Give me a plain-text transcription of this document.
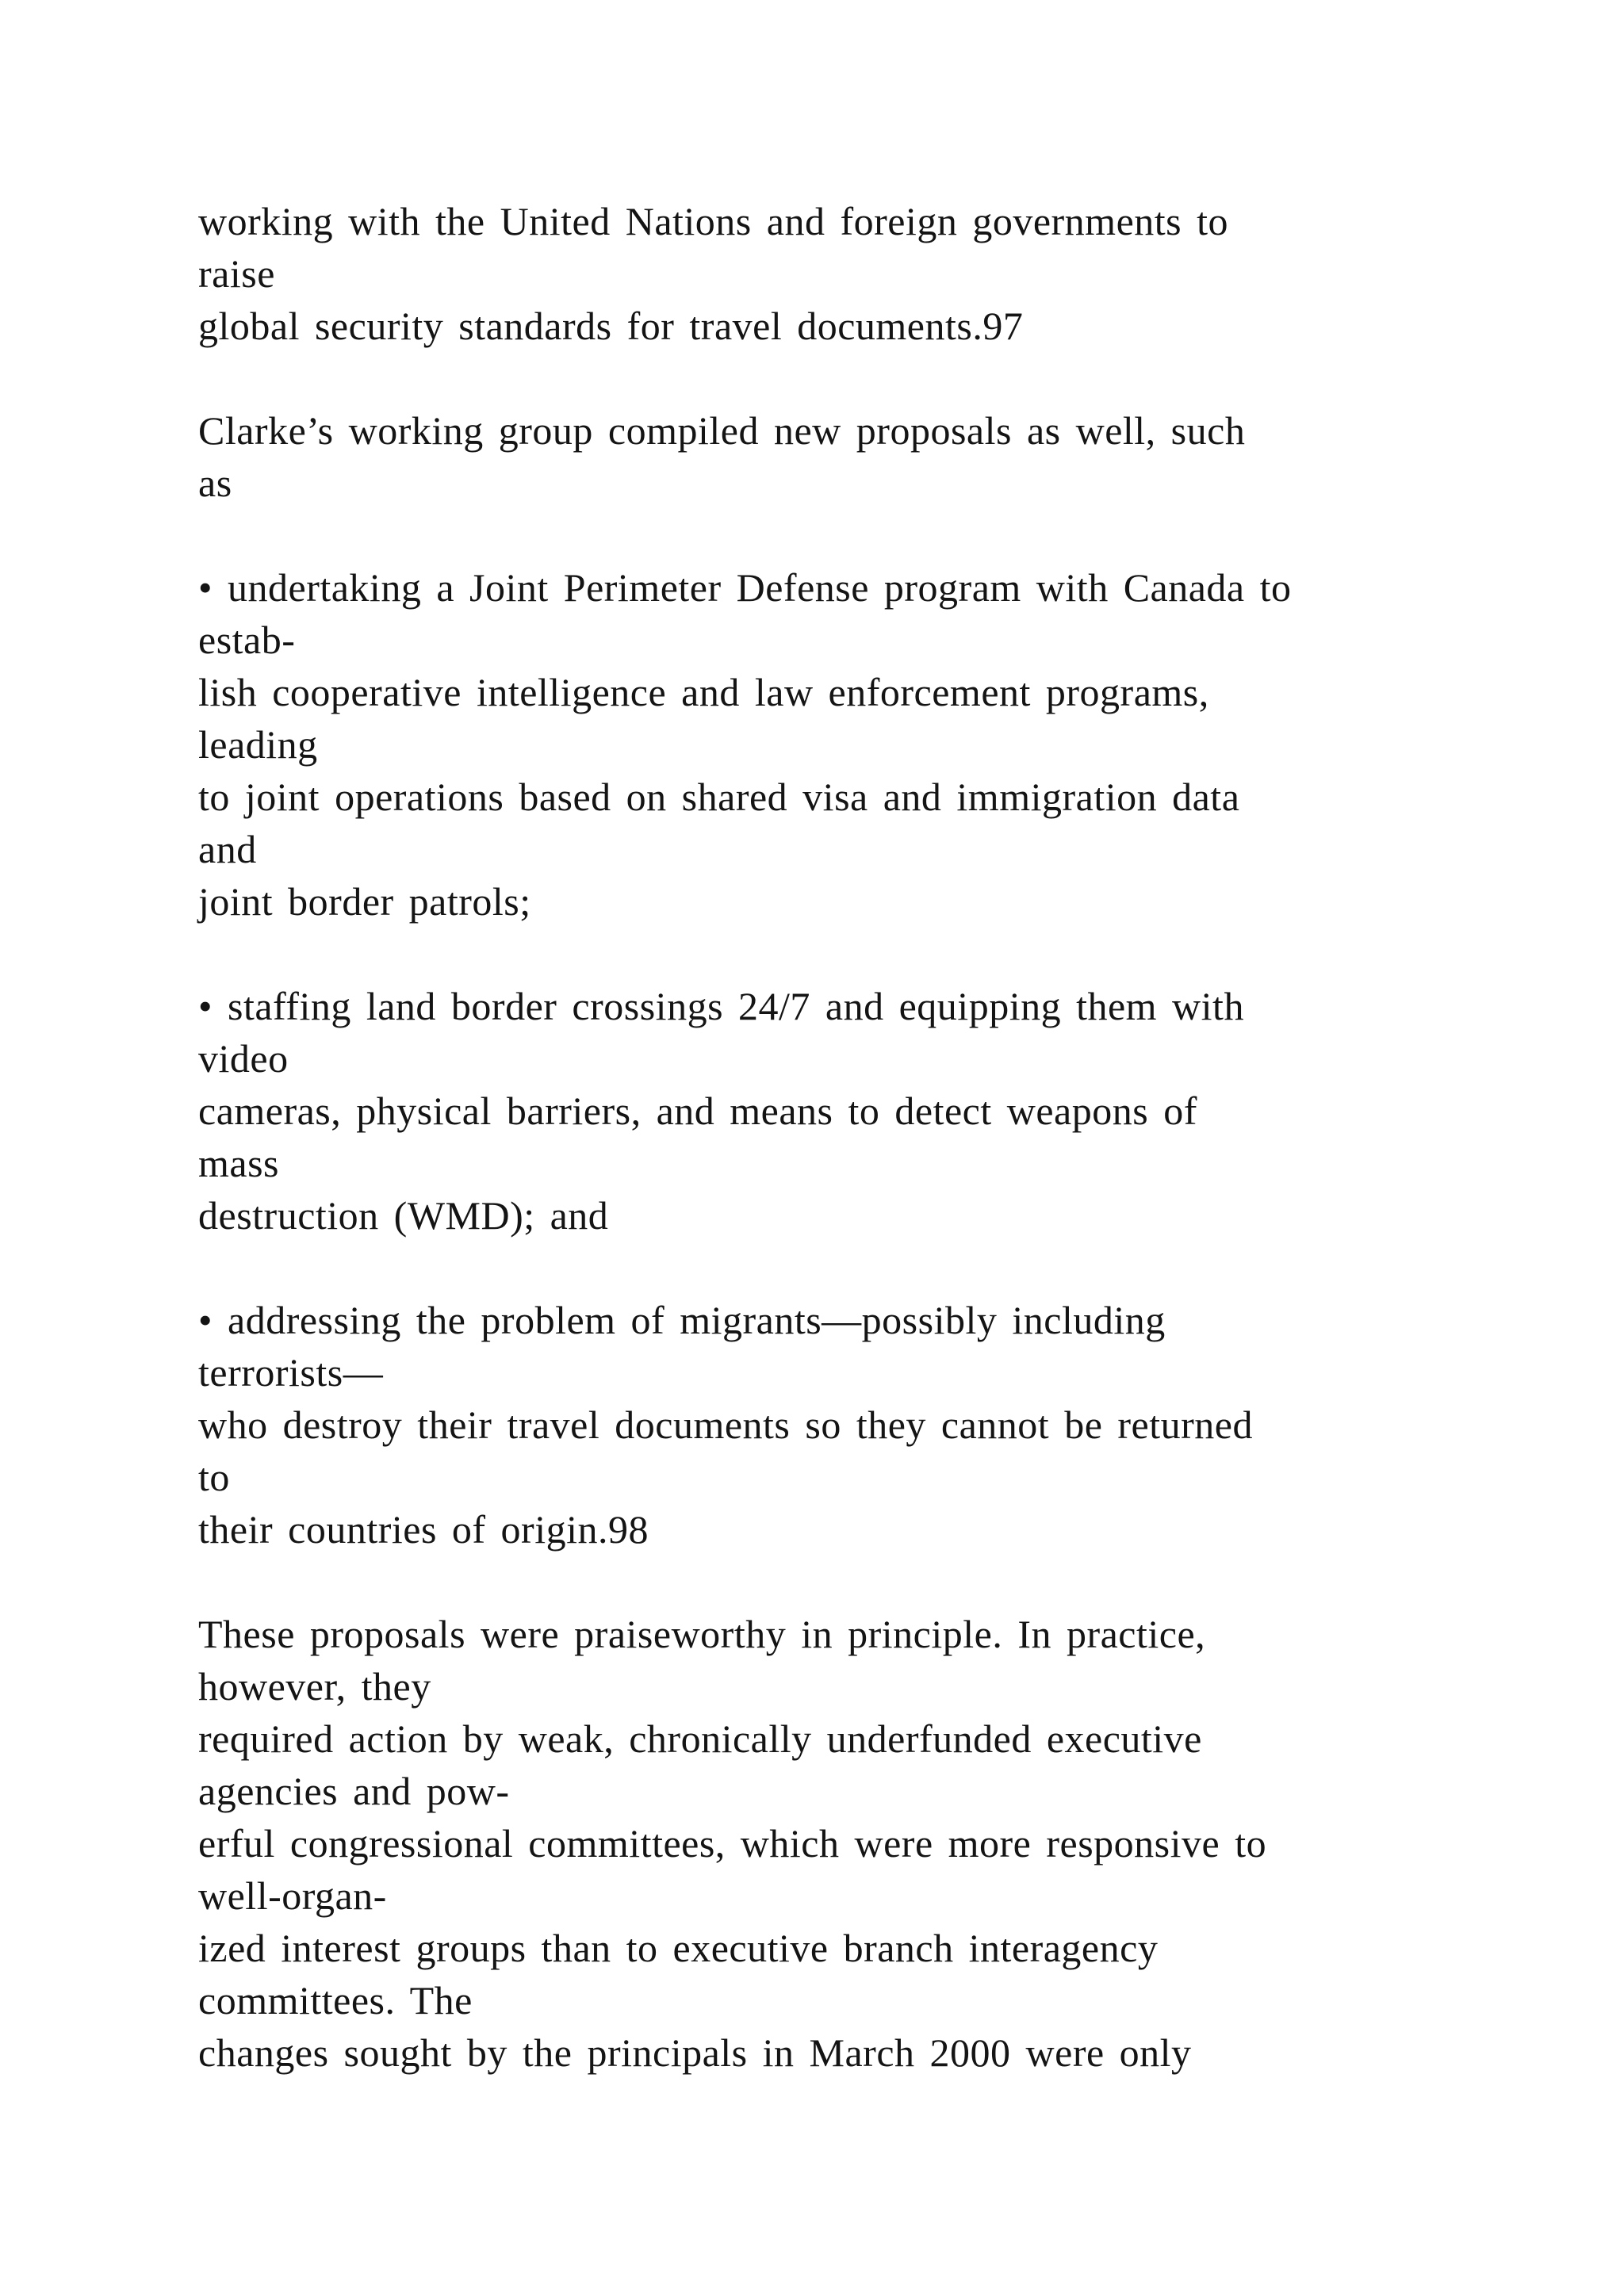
working with the United Nations and foreign governments to
raise
global security standards for travel documents.97
Clarke’s working group compiled new proposals as well, such
as
• undertaking a Joint Perimeter Defense program with Canada to
estab-
lish cooperative intelligence and law enforcement programs,
leading
to joint operations based on shared visa and immigration data
and
joint border patrols;
• staffing land border crossings 24/7 and equipping them with
video
cameras, physical barriers, and means to detect weapons of
mass
destruction (WMD); and
• addressing the problem of migrants—possibly including
terrorists—
who destroy their travel documents so they cannot be returned
to
their countries of origin.98
These proposals were praiseworthy in principle. In practice,
however, they
required action by weak, chronically underfunded executive
agencies and pow-
erful congressional committees, which were more responsive to
well-organ-
ized interest groups than to executive branch interagency
committees. The
changes sought by the principals in March 2000 were only
